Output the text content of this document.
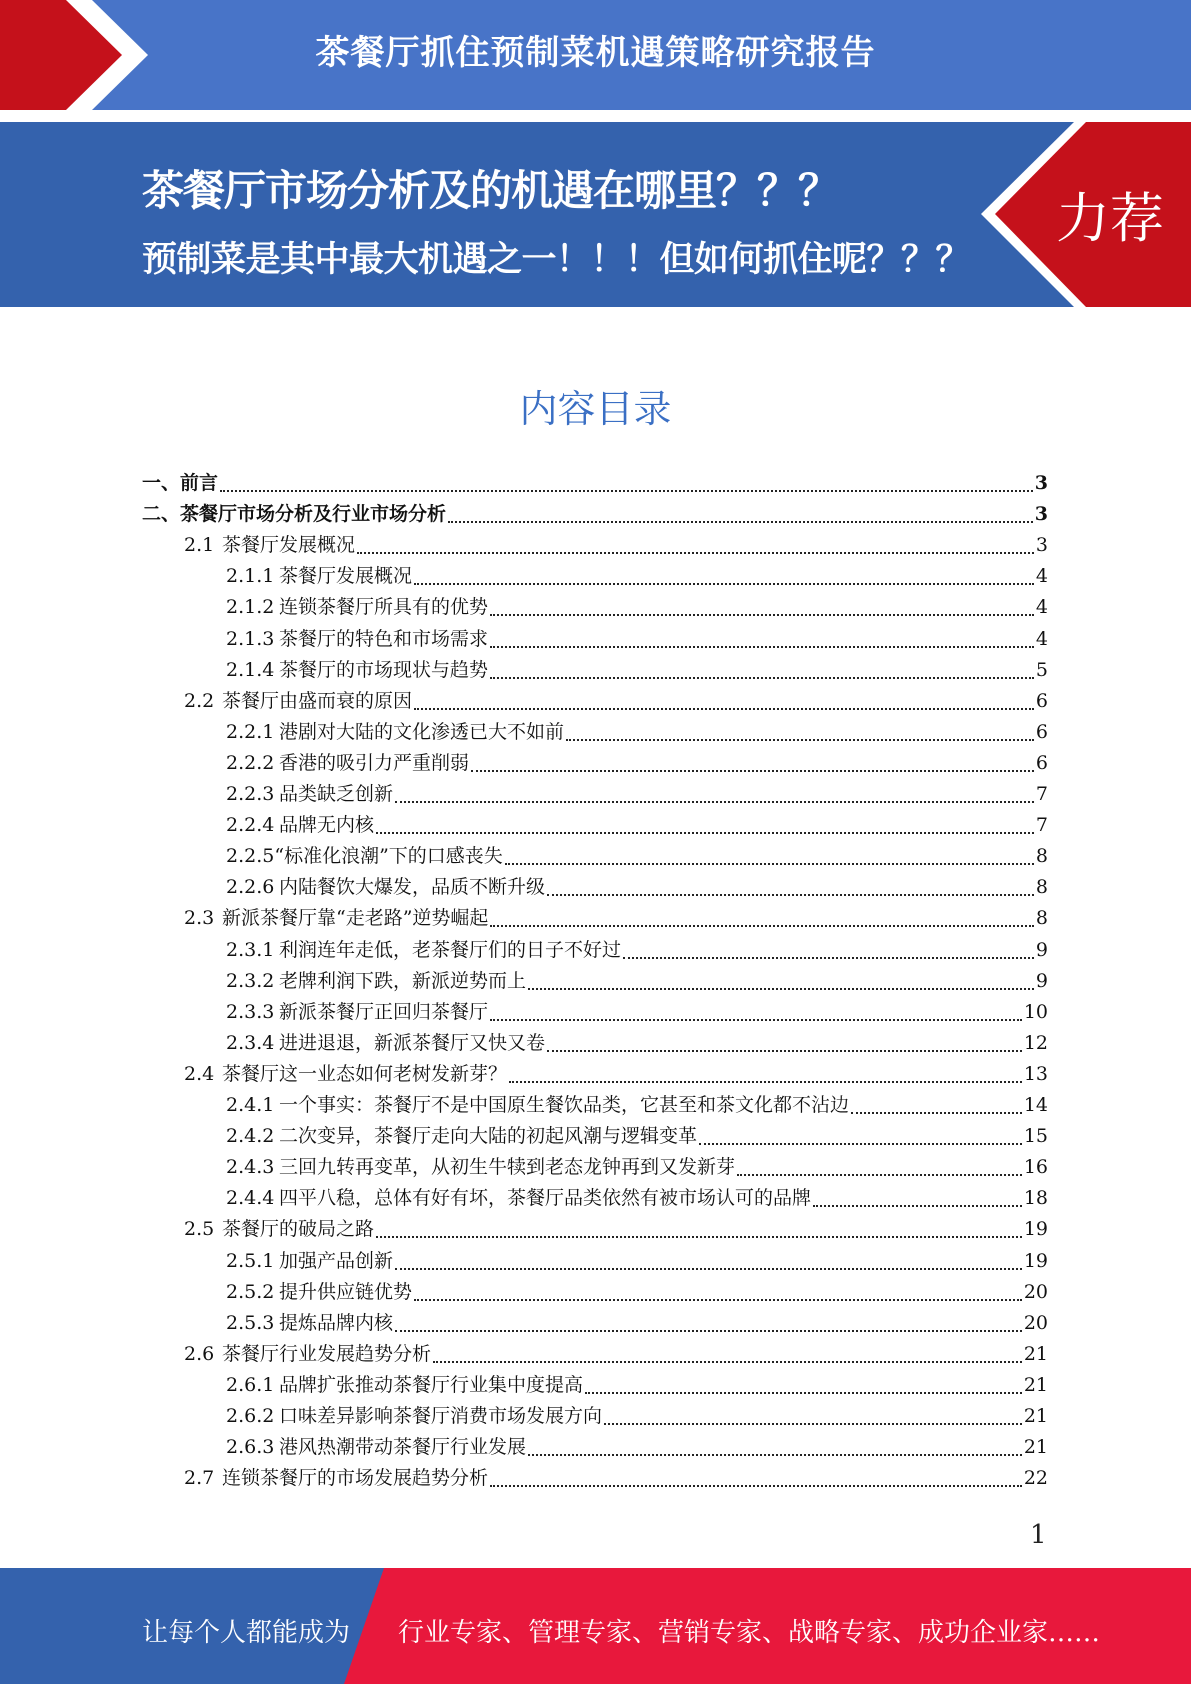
茶餐厅抓住预制菜机遇策略研究报告
茶餐厅市场分析及的机遇在哪里？？？
预制菜是其中最大机遇之一！！！但如何抓住呢？？？
力荐
内容目录
一、 前言	3
二、 茶餐厅市场分析及行业市场分析	3
2.1 茶餐厅发展概况	3
2.1.1 茶餐厅发展概况	4
2.1.2 连锁茶餐厅所具有的优势	4
2.1.3 茶餐厅的特色和市场需求	4
2.1.4 茶餐厅的市场现状与趋势	5
2.2 茶餐厅由盛而衰的原因	6
2.2.1 港剧对大陆的文化渗透已大不如前	6
2.2.2 香港的吸引力严重削弱	6
2.2.3 品类缺乏创新	7
2.2.4 品牌无内核	7
2.2.5 “标准化浪潮”下的口感丧失	8
2.2.6 内陆餐饮大爆发，品质不断升级	8
2.3 新派茶餐厅靠“走老路”逆势崛起	8
2.3.1 利润连年走低，老茶餐厅们的日子不好过	9
2.3.2 老牌利润下跌，新派逆势而上	9
2.3.3 新派茶餐厅正回归茶餐厅	10
2.3.4 进进退退，新派茶餐厅又快又卷	12
2.4 茶餐厅这一业态如何老树发新芽？	13
2.4.1 一个事实：茶餐厅不是中国原生餐饮品类，它甚至和茶文化都不沾边	14
2.4.2 二次变异，茶餐厅走向大陆的初起风潮与逻辑变革	15
2.4.3 三回九转再变革，从初生牛犊到老态龙钟再到又发新芽	16
2.4.4 四平八稳，总体有好有坏，茶餐厅品类依然有被市场认可的品牌	18
2.5 茶餐厅的破局之路	19
2.5.1 加强产品创新	19
2.5.2 提升供应链优势	20
2.5.3 提炼品牌内核	20
2.6 茶餐厅行业发展趋势分析	21
2.6.1 品牌扩张推动茶餐厅行业集中度提高	21
2.6.2 口味差异影响茶餐厅消费市场发展方向	21
2.6.3 港风热潮带动茶餐厅行业发展	21
2.7 连锁茶餐厅的市场发展趋势分析	22
1
让每个人都能成为 行业专家、管理专家、营销专家、战略专家、成功企业家……
